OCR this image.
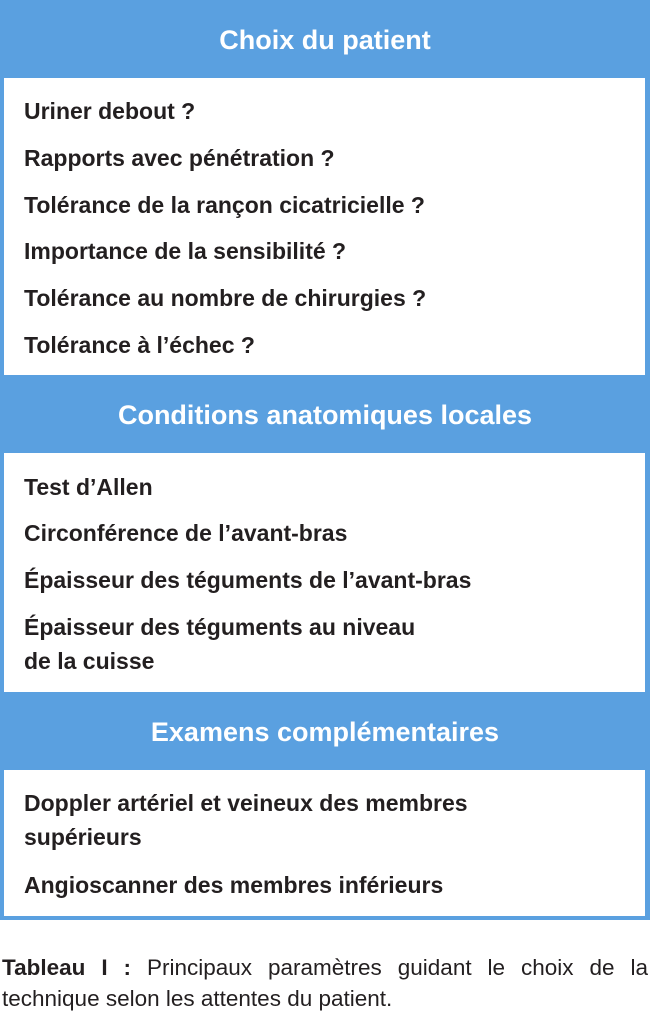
Choix du patient
Uriner debout ?
Rapports avec pénétration ?
Tolérance de la rançon cicatricielle ?
Importance de la sensibilité ?
Tolérance au nombre de chirurgies ?
Tolérance à l’échec ?
Conditions anatomiques locales
Test d’Allen
Circonférence de l’avant-bras
Épaisseur des téguments de l’avant-bras
Épaisseur des téguments au niveau
de la cuisse
Examens complémentaires
Doppler artériel et veineux des membres
supérieurs
Angioscanner des membres inférieurs
Tableau I : Principaux paramètres guidant le choix de la technique selon les attentes du patient.
